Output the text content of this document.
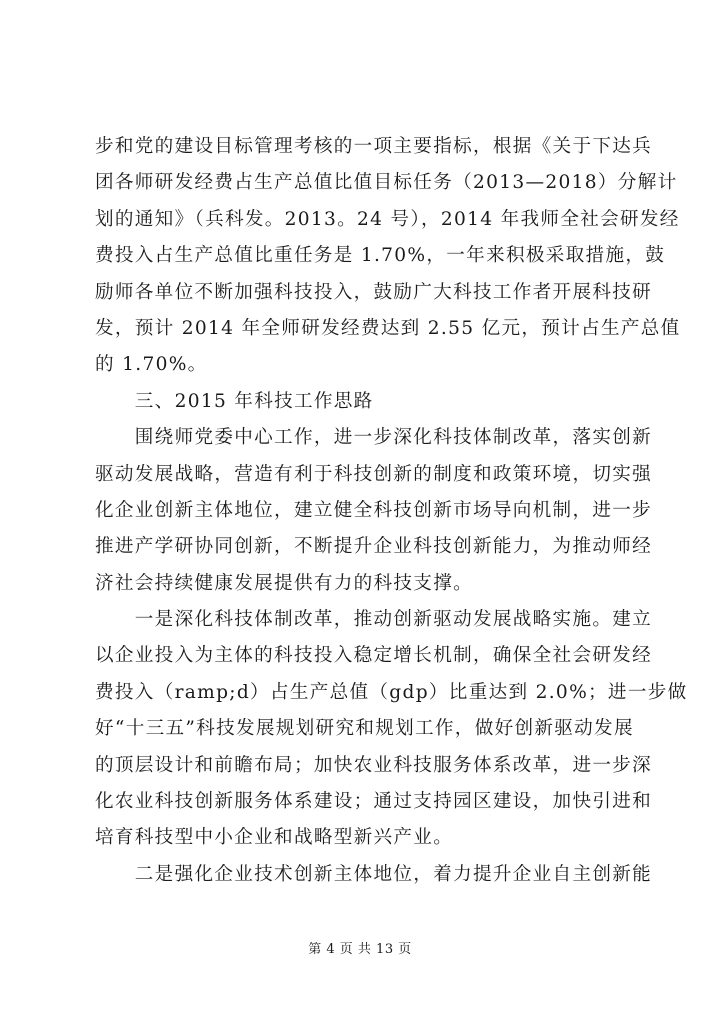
步和党的建设目标管理考核的一项主要指标，根据《关于下达兵
团各师研发经费占生产总值比值目标任务（2013—2018）分解计
划的通知》（兵科发。2013。24 号），2014 年我师全社会研发经
费投入占生产总值比重任务是 1.70%，一年来积极采取措施，鼓
励师各单位不断加强科技投入，鼓励广大科技工作者开展科技研
发，预计 2014 年全师研发经费达到 2.55 亿元，预计占生产总值
的 1.70%。
　　三、2015 年科技工作思路
　　围绕师党委中心工作，进一步深化科技体制改革，落实创新
驱动发展战略，营造有利于科技创新的制度和政策环境，切实强
化企业创新主体地位，建立健全科技创新市场导向机制，进一步
推进产学研协同创新，不断提升企业科技创新能力，为推动师经
济社会持续健康发展提供有力的科技支撑。
　　一是深化科技体制改革，推动创新驱动发展战略实施。建立
以企业投入为主体的科技投入稳定增长机制，确保全社会研发经
费投入（ramp;d）占生产总值（gdp）比重达到 2.0%；进一步做
好“十三五”科技发展规划研究和规划工作，做好创新驱动发展
的顶层设计和前瞻布局；加快农业科技服务体系改革，进一步深
化农业科技创新服务体系建设；通过支持园区建设，加快引进和
培育科技型中小企业和战略型新兴产业。
　　二是强化企业技术创新主体地位，着力提升企业自主创新能
第 4 页 共 13 页
